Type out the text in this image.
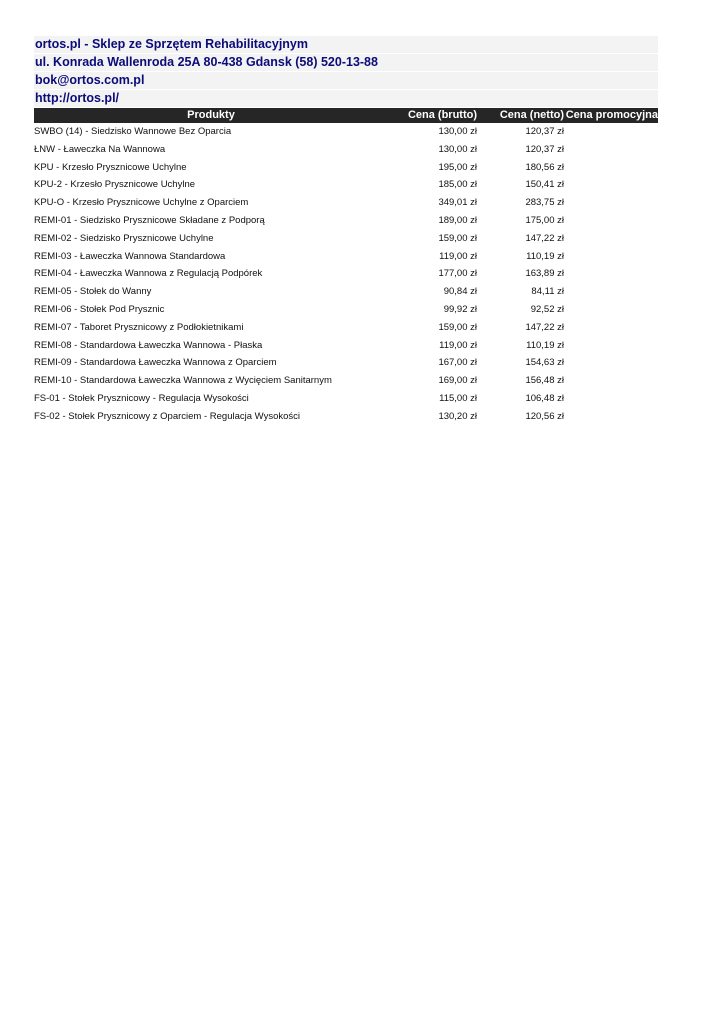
ortos.pl - Sklep ze Sprzętem Rehabilitacyjnym
ul. Konrada Wallenroda 25A 80-438 Gdansk (58) 520-13-88
bok@ortos.com.pl
http://ortos.pl/
Produkty	Cena (brutto)	Cena (netto)	Cena promocyjna
SWBO (14) - Siedzisko Wannowe Bez Oparcia	130,00 zł	120,37 zł	
ŁNW - Ławeczka Na Wannowa	130,00 zł	120,37 zł	
KPU - Krzesło Prysznicowe Uchylne	195,00 zł	180,56 zł	
KPU-2 - Krzesło Prysznicowe Uchylne	185,00 zł	150,41 zł	
KPU-O - Krzesło Prysznicowe Uchylne z Oparciem	349,01 zł	283,75 zł	
REMI-01 - Siedzisko Prysznicowe Składane z Podporą	189,00 zł	175,00 zł	
REMI-02 - Siedzisko Prysznicowe Uchylne	159,00 zł	147,22 zł	
REMI-03 - Ławeczka Wannowa Standardowa	119,00 zł	110,19 zł	
REMI-04 - Ławeczka Wannowa z Regulacją Podpórek	177,00 zł	163,89 zł	
REMI-05 - Stołek do Wanny	90,84 zł	84,11 zł	
REMI-06 - Stołek Pod Prysznic	99,92 zł	92,52 zł	
REMI-07 - Taboret Prysznicowy z Podłokietnikami	159,00 zł	147,22 zł	
REMI-08 - Standardowa Ławeczka Wannowa - Płaska	119,00 zł	110,19 zł	
REMI-09 - Standardowa Ławeczka Wannowa z Oparciem	167,00 zł	154,63 zł	
REMI-10 - Standardowa Ławeczka Wannowa z Wycięciem Sanitarnym	169,00 zł	156,48 zł	
FS-01 - Stołek Prysznicowy - Regulacja Wysokości	115,00 zł	106,48 zł	
FS-02 - Stołek Prysznicowy z Oparciem - Regulacja Wysokości	130,20 zł	120,56 zł	
